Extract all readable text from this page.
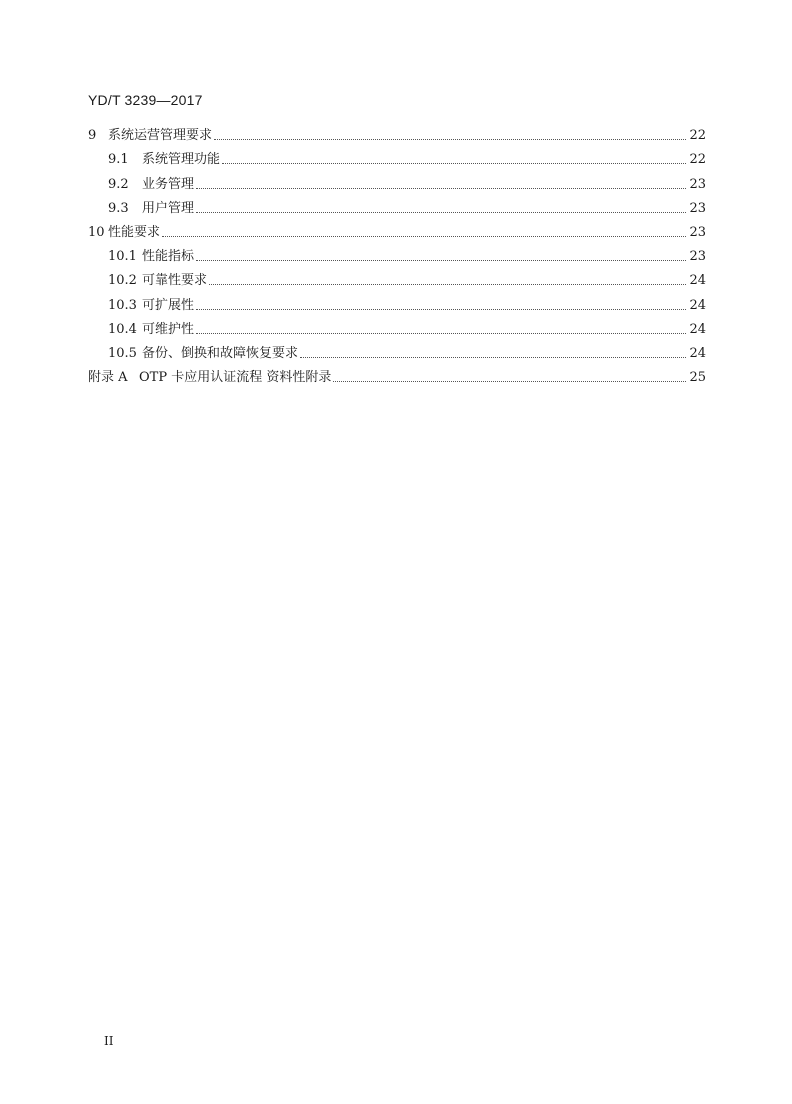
YD/T 3239—2017
9 系统运营管理要求	22
9.1	系统管理功能	22
9.2	业务管理	23
9.3	用户管理	23
10 性能要求	23
10.1 性能指标	23
10.2 可靠性要求	24
10.3 可扩展性	24
10.4 可维护性	24
10.5 备份、倒换和故障恢复要求	24
附录 A OTP 卡应用认证流程 资料性附录	25
II
